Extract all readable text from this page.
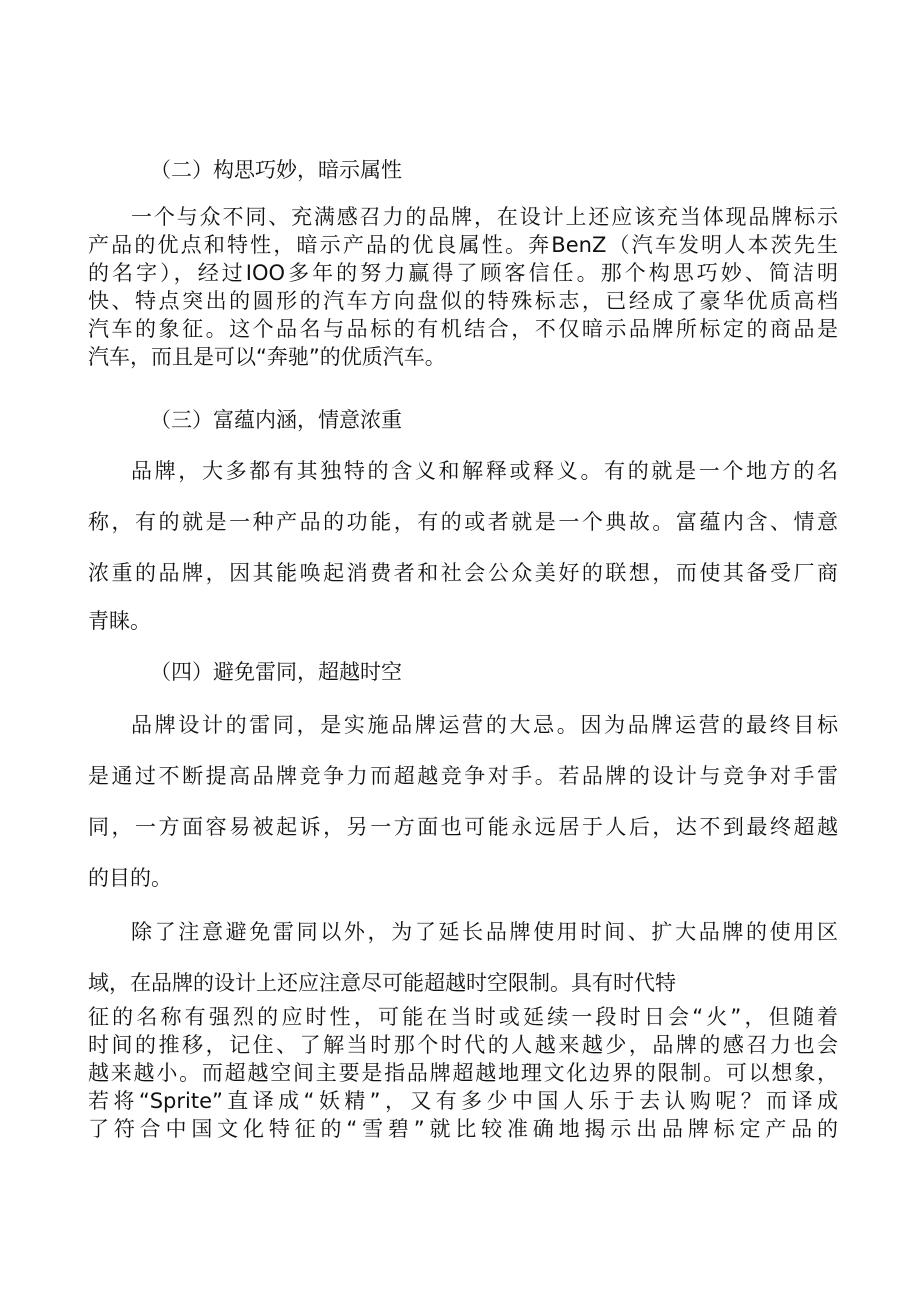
（二）构思巧妙，暗示属性
一个与众不同、充满感召力的品牌，在设计上还应该充当体现品牌标示
产品的优点和特性，暗示产品的优良属性。奔BenZ（汽车发明人本茨先生
的名字），经过IOO多年的努力赢得了顾客信任。那个构思巧妙、简洁明
快、特点突出的圆形的汽车方向盘似的特殊标志，已经成了豪华优质高档
汽车的象征。这个品名与品标的有机结合，不仅暗示品牌所标定的商品是
汽车，而且是可以“奔驰”的优质汽车。
（三）富蕴内涵，情意浓重
品牌，大多都有其独特的含义和解释或释义。有的就是一个地方的名
称，有的就是一种产品的功能，有的或者就是一个典故。富蕴内含、情意
浓重的品牌，因其能唤起消费者和社会公众美好的联想，而使其备受厂商
青睐。
（四）避免雷同，超越时空
品牌设计的雷同，是实施品牌运营的大忌。因为品牌运营的最终目标
是通过不断提高品牌竞争力而超越竞争对手。若品牌的设计与竞争对手雷
同，一方面容易被起诉，另一方面也可能永远居于人后，达不到最终超越
的目的。
除了注意避免雷同以外，为了延长品牌使用时间、扩大品牌的使用区
域，在品牌的设计上还应注意尽可能超越时空限制。具有时代特
征的名称有强烈的应时性，可能在当时或延续一段时日会“火”，但随着
时间的推移，记住、了解当时那个时代的人越来越少，品牌的感召力也会
越来越小。而超越空间主要是指品牌超越地理文化边界的限制。可以想象，
若将“Sprite”直译成“妖精”，又有多少中国人乐于去认购呢？而译成
了符合中国文化特征的“雪碧”就比较准确地揭示出品牌标定产品的
